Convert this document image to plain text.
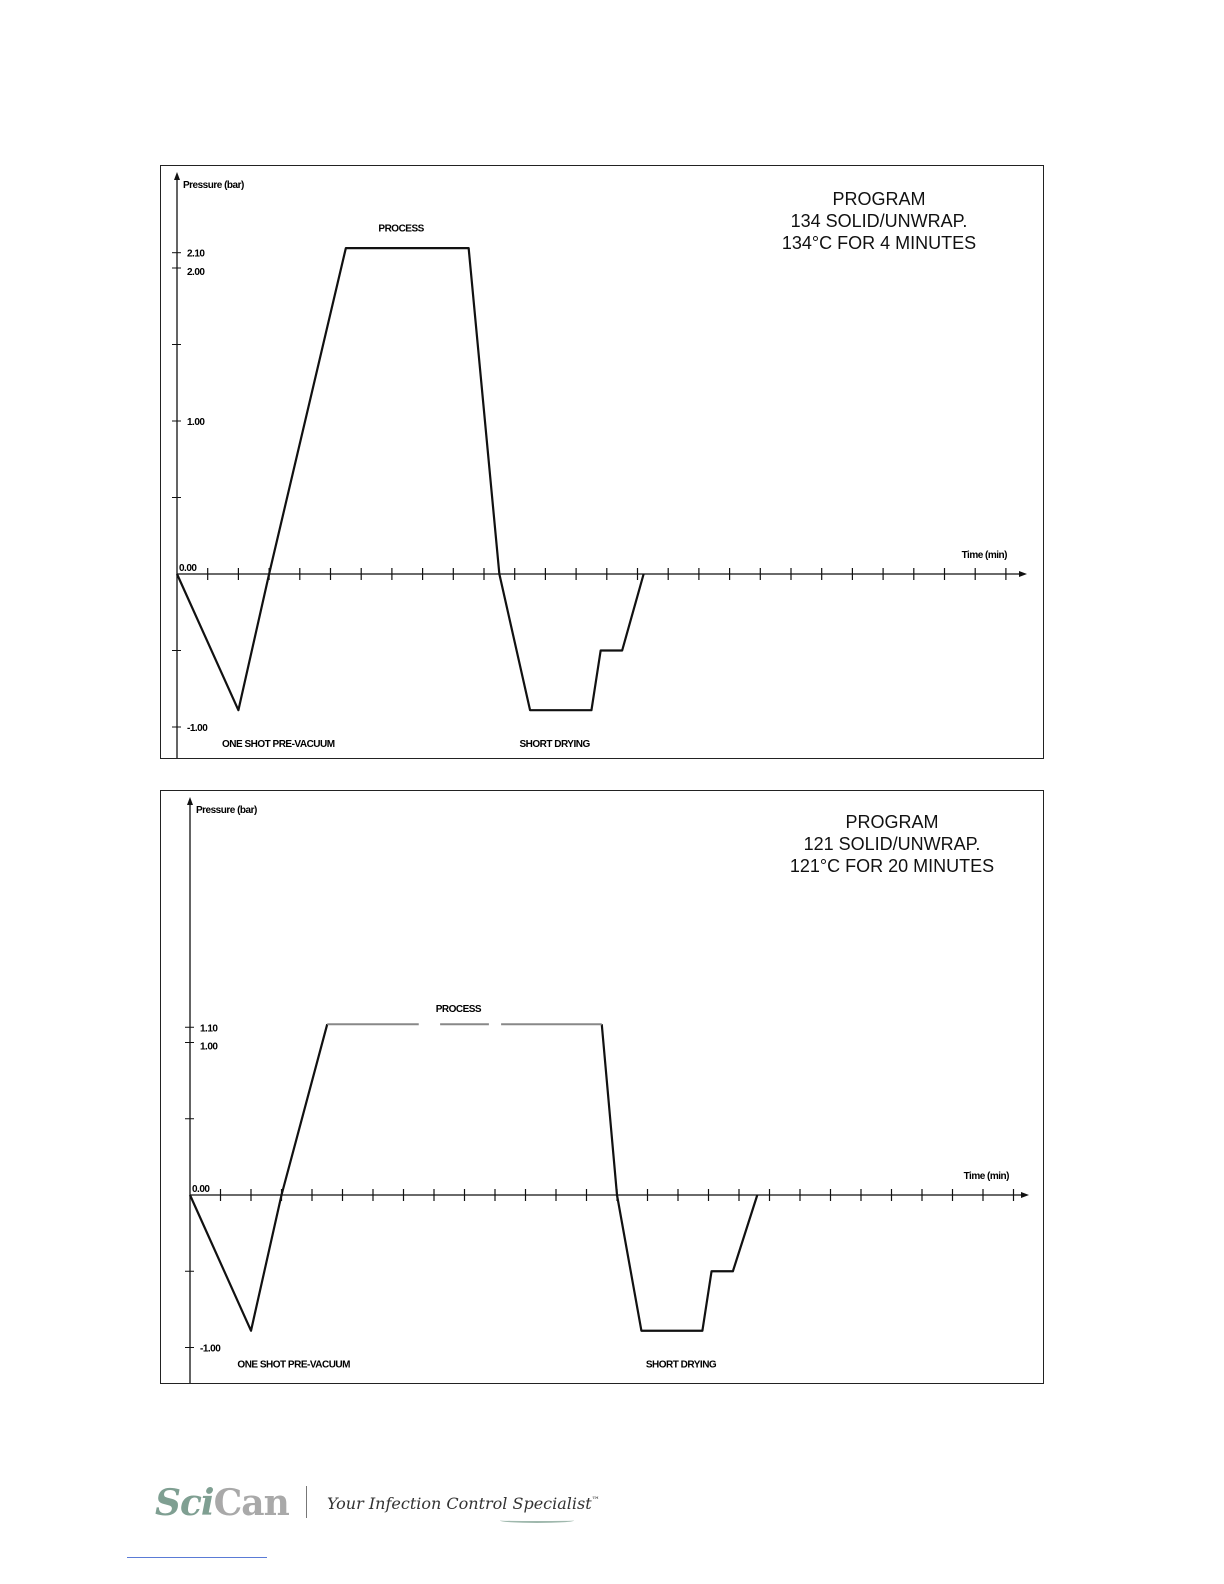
Pressure (bar)
Time (min)
2.10
2.00
1.00
0.00
-1.00
PROCESS
ONE SHOT PRE-VACUUM	SHORT DRYING
PROGRAM
134 SOLID/UNWRAP.
134°C FOR 4 MINUTES
Pressure (bar)
Time (min)
1.10
1.00
0.00
-1.00
PROCESS
ONE SHOT PRE-VACUUM	SHORT DRYING
PROGRAM
121 SOLID/UNWRAP.
121°C FOR 20 MINUTES
SciCan Your Infection Control Specialist™
